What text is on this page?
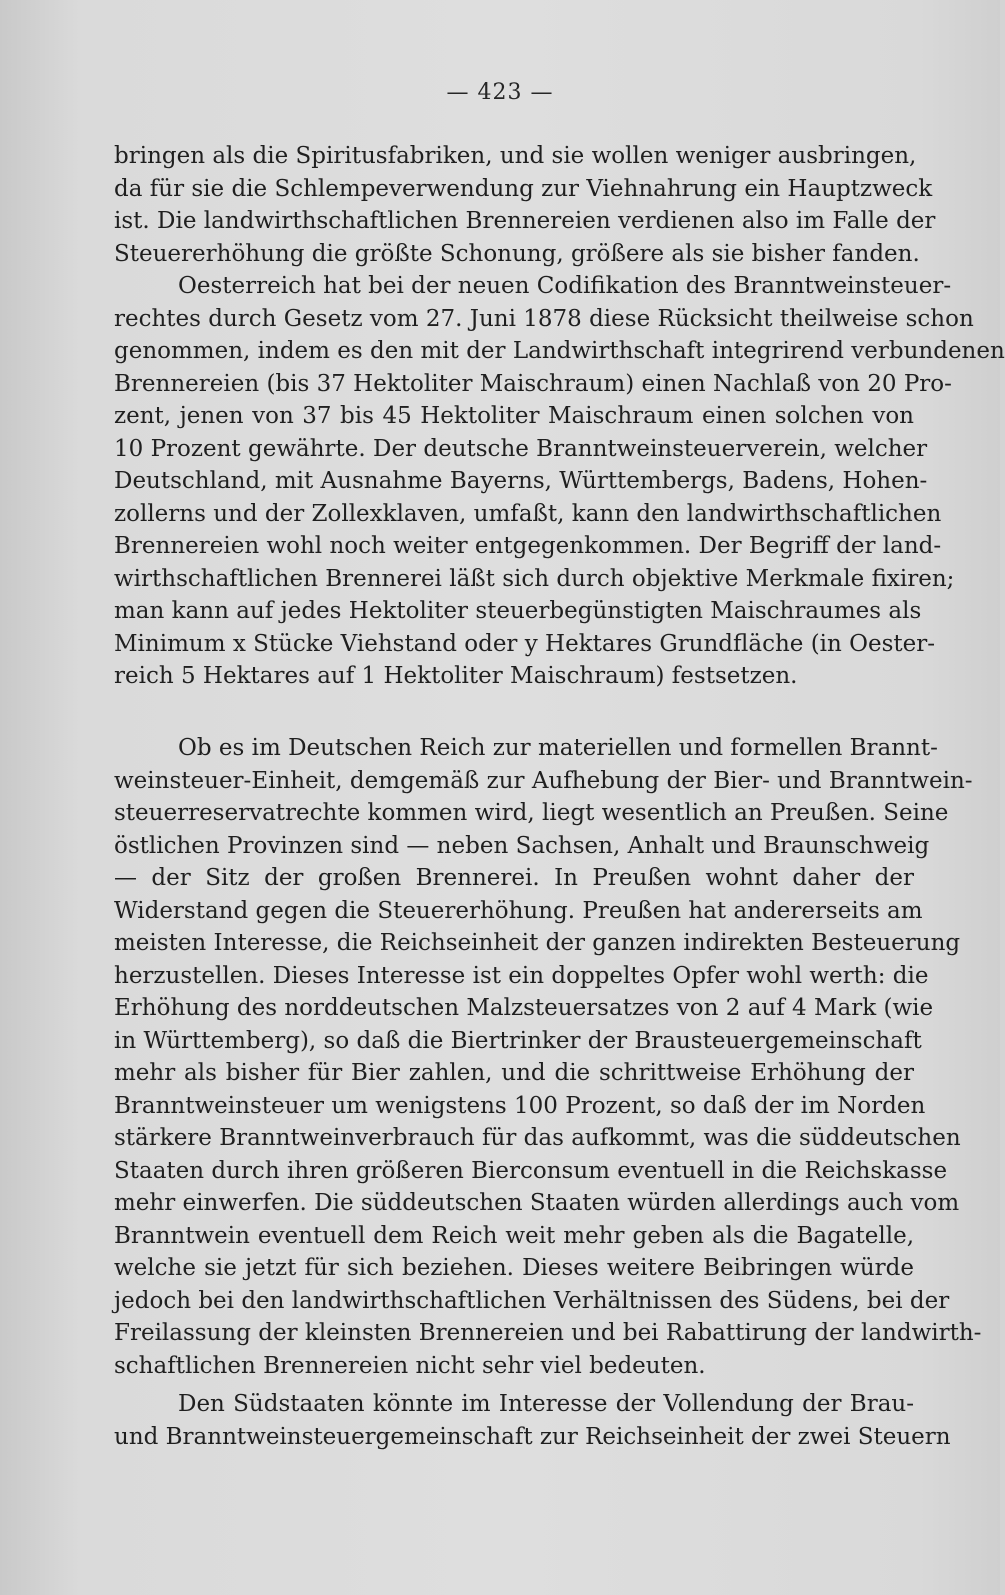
— 423 —
bringen als die Spiritusfabriken, und sie wollen weniger ausbringen,
da für sie die Schlempeverwendung zur Viehnahrung ein Hauptzweck
ist. Die landwirthschaftlichen Brennereien verdienen also im Falle der
Steuererhöhung die größte Schonung, größere als sie bisher fanden.
Oesterreich hat bei der neuen Codifikation des Branntweinsteuer-
rechtes durch Gesetz vom 27. Juni 1878 diese Rücksicht theilweise schon
genommen, indem es den mit der Landwirthschaft integrirend verbundenen
Brennereien (bis 37 Hektoliter Maischraum) einen Nachlaß von 20 Pro-
zent, jenen von 37 bis 45 Hektoliter Maischraum einen solchen von
10 Prozent gewährte. Der deutsche Branntweinsteuerverein, welcher
Deutschland, mit Ausnahme Bayerns, Württembergs, Badens, Hohen-
zollerns und der Zollexklaven, umfaßt, kann den landwirthschaftlichen
Brennereien wohl noch weiter entgegenkommen. Der Begriff der land-
wirthschaftlichen Brennerei läßt sich durch objektive Merkmale fixiren;
man kann auf jedes Hektoliter steuerbegünstigten Maischraumes als
Minimum x Stücke Viehstand oder y Hektares Grundfläche (in Oester-
reich 5 Hektares auf 1 Hektoliter Maischraum) festsetzen.
Ob es im Deutschen Reich zur materiellen und formellen Brannt-
weinsteuer-Einheit, demgemäß zur Aufhebung der Bier- und Branntwein-
steuerreservatrechte kommen wird, liegt wesentlich an Preußen. Seine
östlichen Provinzen sind — neben Sachsen, Anhalt und Braunschweig
— der Sitz der großen Brennerei. In Preußen wohnt daher der
Widerstand gegen die Steuererhöhung. Preußen hat andererseits am
meisten Interesse, die Reichseinheit der ganzen indirekten Besteuerung
herzustellen. Dieses Interesse ist ein doppeltes Opfer wohl werth: die
Erhöhung des norddeutschen Malzsteuersatzes von 2 auf 4 Mark (wie
in Württemberg), so daß die Biertrinker der Brausteuergemeinschaft
mehr als bisher für Bier zahlen, und die schrittweise Erhöhung der
Branntweinsteuer um wenigstens 100 Prozent, so daß der im Norden
stärkere Branntweinverbrauch für das aufkommt, was die süddeutschen
Staaten durch ihren größeren Bierconsum eventuell in die Reichskasse
mehr einwerfen. Die süddeutschen Staaten würden allerdings auch vom
Branntwein eventuell dem Reich weit mehr geben als die Bagatelle,
welche sie jetzt für sich beziehen. Dieses weitere Beibringen würde
jedoch bei den landwirthschaftlichen Verhältnissen des Südens, bei der
Freilassung der kleinsten Brennereien und bei Rabattirung der landwirth-
schaftlichen Brennereien nicht sehr viel bedeuten.
Den Südstaaten könnte im Interesse der Vollendung der Brau-
und Branntweinsteuergemeinschaft zur Reichseinheit der zwei Steuern
